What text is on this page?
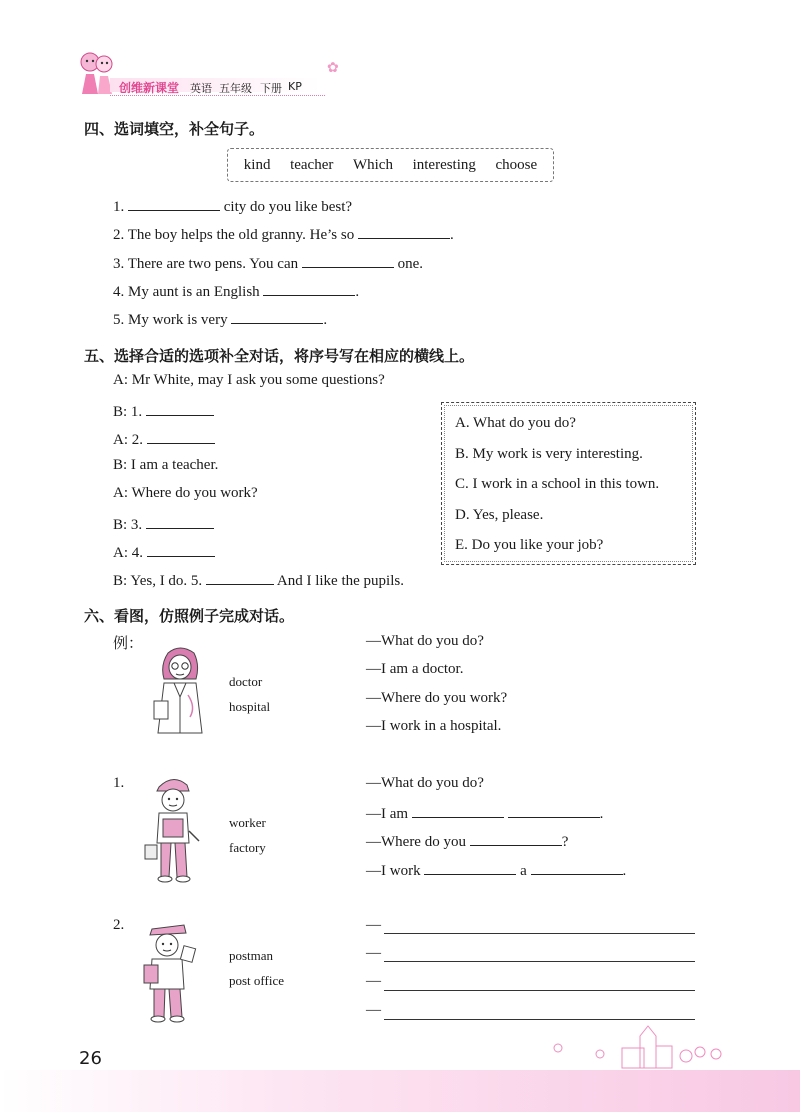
创维新课堂 英语 五年级 下册 KP
✿
四、选词填空，补全句子。
kind teacher Which interesting choose
1.	city do you like best?
2. The boy helps the old granny. He’s so	.
3. There are two pens. You can	one.
4. My aunt is an English	.
5. My work is very	.
五、选择合适的选项补全对话，将序号写在相应的横线上。
A: Mr White, may I ask you some questions?
B: 1.
A: 2.
B: I am a teacher.
A: Where do you work?
B: 3.
A: 4.
B: Yes, I do. 5.	And I like the pupils.
A. What do you do?
B. My work is very interesting.
C. I work in a school in this town.
D. Yes, please.
E. Do you like your job?
六、看图，仿照例子完成对话。
例：
doctor
hospital
—What do you do?
—I am a doctor.
—Where do you work?
—I work in a hospital.
1.
worker
factory
—What do you do?
—I am	.
—Where do you	?
—I work	a	.
2.
postman
post office
—
—
—
—
26
